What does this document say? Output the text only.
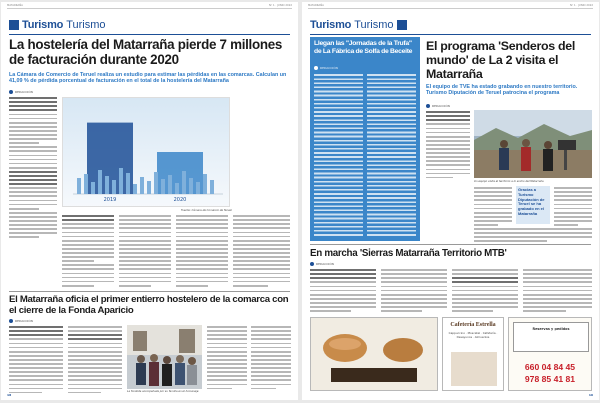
MATARRAÑA	Nº 1 · JUNIO 2022
Turismo Turismo
La hostelería del Matarraña pierde 7 millones de facturación durante 2020
La Cámara de Comercio de Teruel realiza un estudio para estimar las pérdidas en las comarcas. Calculan un 41,09 % de pérdida porcentual de facturación en el total de la hostelería del Matarraña
REDACCIÓN
2019	2020
Fuente: Cámara de Comercio de Teruel
El Matarraña oficia el primer entierro hostelero de la comarca con el cierre de la Fonda Aparicio
REDACCIÓN
La fondista acompañada por su familia en el homenaje
18
MATARRAÑA	Nº 1 · JUNIO 2022
Turismo Turismo
Llegan las "Jornadas de la Trufa" de La Fábrica de Solfa de Beceite
REDACCIÓN
El programa 'Senderos del mundo' de La 2 visita el Matarraña
El equipo de TVE ha estado grabando en nuestro territorio. Turismo Diputación de Teruel patrocina el programa
REDACCIÓN
Un equipo visita el territorio a lo ancho del Matarraña
Gracias a Turismo Diputación de Teruel se ha grabado en el Matarraña
En marcha 'Sierras Matarraña Territorio MTB'
REDACCIÓN
Cafetería Estrella
Cappuccino · Moscatel · Cafetería · Desayunos · Almuerzos
Reservas y pedidos
660 04 84 45
978 85 41 81
19
